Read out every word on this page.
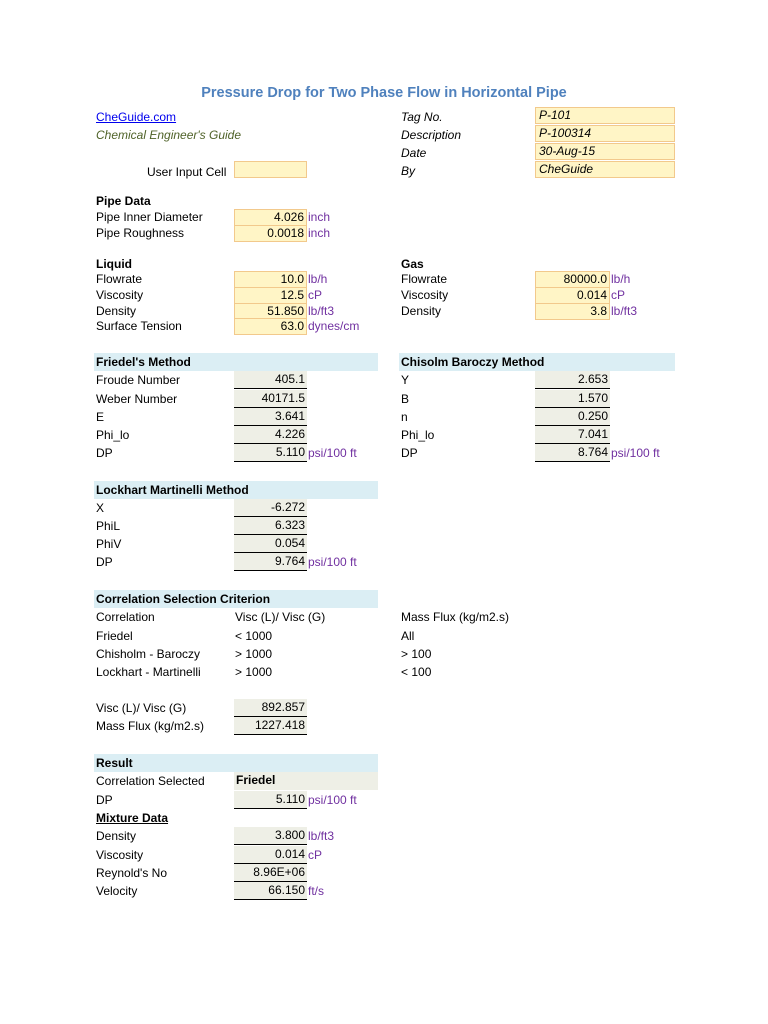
Pressure Drop for Two Phase Flow in Horizontal Pipe
CheGuide.com
Chemical Engineer's Guide
User Input Cell
Tag No.	P-101
Description	P-100314
Date	30-Aug-15
By	CheGuide
Pipe Data
Pipe Inner Diameter	4.026 inch
Pipe Roughness	0.0018 inch
Liquid
Flowrate	10.0 lb/h
Viscosity	12.5 cP
Density	51.850 lb/ft3
Surface Tension	63.0 dynes/cm
Gas
Flowrate	80000.0 lb/h
Viscosity	0.014 cP
Density	3.8 lb/ft3
Friedel's Method
Froude Number	405.1
Weber Number	40171.5
E	3.641
Phi_lo	4.226
DP	5.110 psi/100 ft
Chisolm Baroczy Method
Y	2.653
B	1.570
n	0.250
Phi_lo	7.041
DP	8.764 psi/100 ft
Lockhart Martinelli Method
X	-6.272
PhiL	6.323
PhiV	0.054
DP	9.764 psi/100 ft
Correlation Selection Criterion
Correlation	Visc (L)/ Visc (G)	Mass Flux (kg/m2.s)
Friedel	< 1000	All
Chisholm - Baroczy	> 1000	> 100
Lockhart - Martinelli	> 1000	< 100
Visc (L)/ Visc (G)	892.857
Mass Flux (kg/m2.s)	1227.418
Result
Correlation Selected	Friedel
DP	5.110 psi/100 ft
Mixture Data
Density	3.800 lb/ft3
Viscosity	0.014 cP
Reynold's No	8.96E+06
Velocity	66.150 ft/s
